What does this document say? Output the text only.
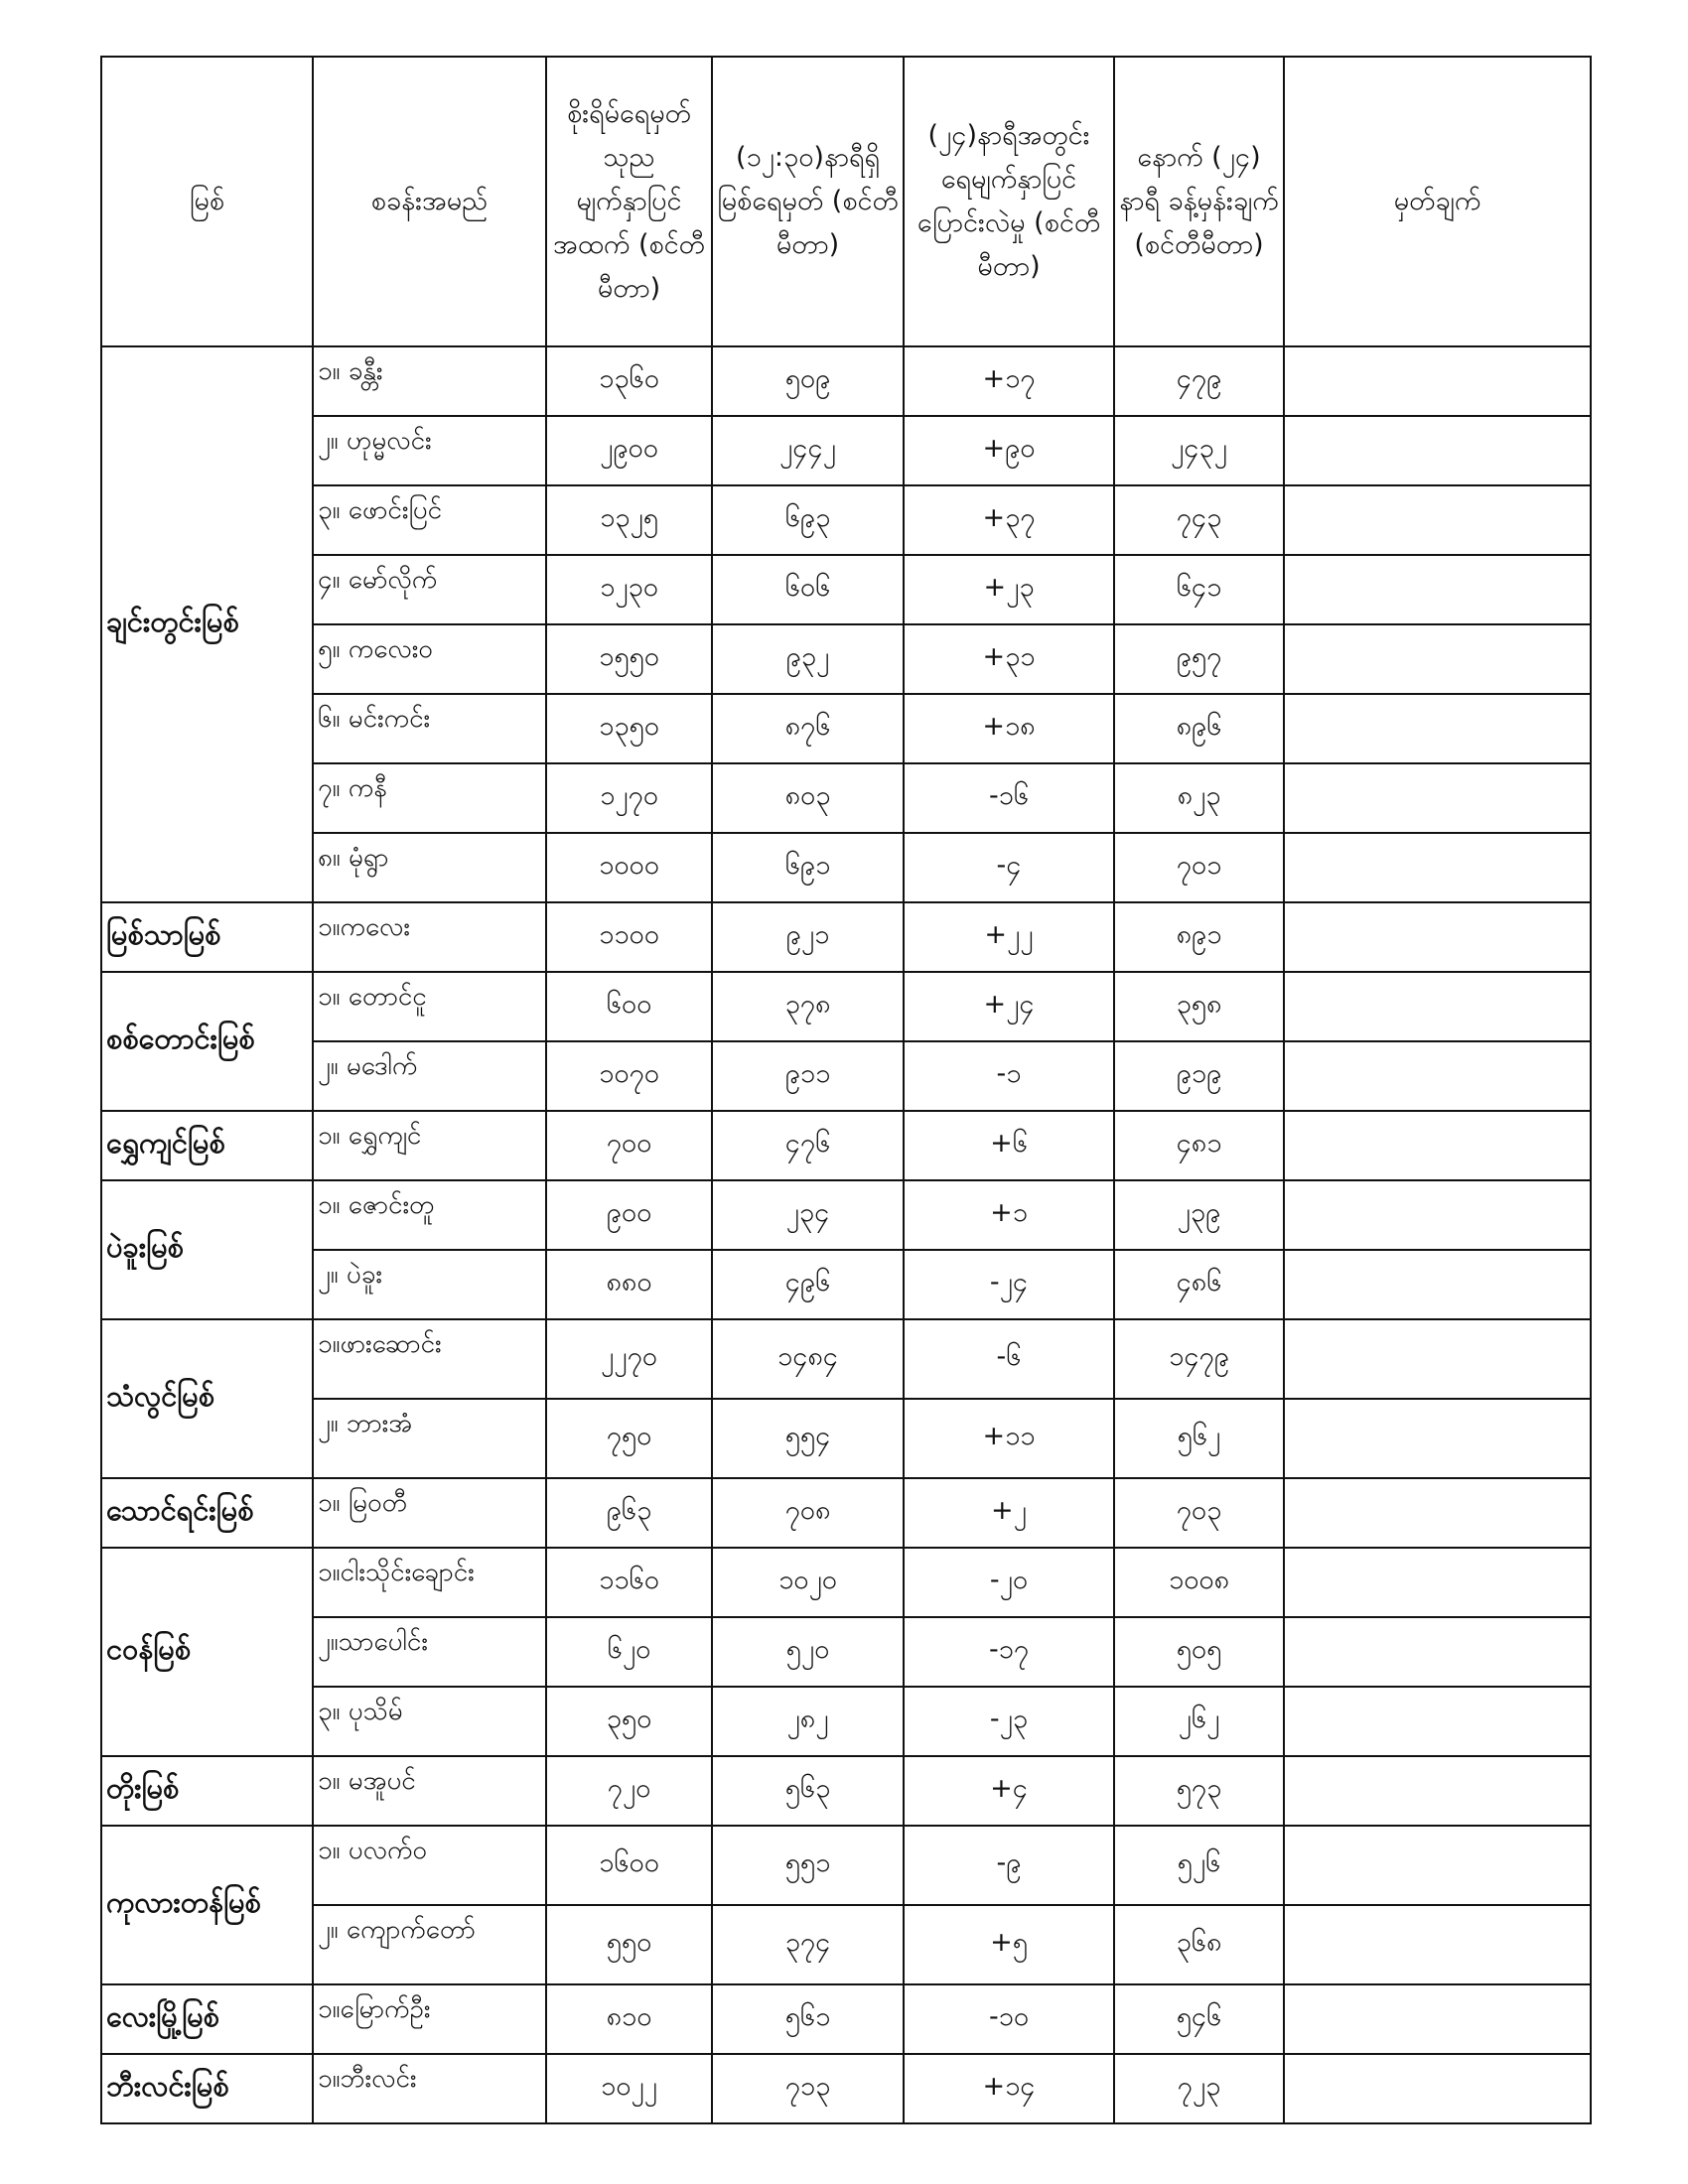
မြစ်	စခန်းအမည်	စိုးရိမ်ရေမှတ် သုည မျက်နှာပြင် အထက် (စင်တီမီတာ)	(၁၂:၃၀)နာရီရှိ မြစ်ရေမှတ် (စင်တီမီတာ)	(၂၄)နာရီအတွင်း ရေမျက်နှာပြင် ပြောင်းလဲမှု (စင်တီမီတာ)	နောက် (၂၄) နာရီ ခန့်မှန်းချက် (စင်တီမီတာ)	မှတ်ချက်
ချင်းတွင်းမြစ်	၁။ ခန္တီး	၁၃၆၀	၅၀၉	+၁၇	၄၇၉	
	၂။ ဟုမ္မလင်း	၂၉၀၀	၂၄၄၂	+၉၀	၂၄၃၂	
	၃။ ဖောင်းပြင်	၁၃၂၅	၆၉၃	+၃၇	၇၄၃	
	၄။ မော်လိုက်	၁၂၃၀	၆၀၆	+၂၃	၆၄၁	
	၅။ ကလေးဝ	၁၅၅၀	၉၃၂	+၃၁	၉၅၇	
	၆။ မင်းကင်း	၁၃၅၀	၈၇၆	+၁၈	၈၉၆	
	၇။ ကနီ	၁၂၇၀	၈၀၃	-၁၆	၈၂၃	
	၈။ မုံရွာ	၁၀၀၀	၆၉၁	-၄	၇၀၁	
မြစ်သာမြစ်	၁။ကလေး	၁၁၀၀	၉၂၁	+၂၂	၈၉၁	
စစ်တောင်းမြစ်	၁။ တောင်ငူ	၆၀၀	၃၇၈	+၂၄	၃၅၈	
	၂။ မဒေါက်	၁၀၇၀	၉၁၁	-၁	၉၁၉	
ရွှေကျင်မြစ်	၁။ ရွှေကျင်	၇၀၀	၄၇၆	+၆	၄၈၁	
ပဲခူးမြစ်	၁။ ဇောင်းတူ	၉၀၀	၂၃၄	+၁	၂၃၉	
	၂။ ပဲခူး	၈၈၀	၄၉၆	-၂၄	၄၈၆	
သံလွင်မြစ်	၁။ဖားဆောင်း	၂၂၇၀	၁၄၈၄	-၆	၁၄၇၉	
	၂။ ဘားအံ	၇၅၀	၅၅၄	+၁၁	၅၆၂	
သောင်ရင်းမြစ်	၁။ မြဝတီ	၉၆၃	၇၀၈	+၂	၇၀၃	
ငဝန်မြစ်	၁။ငါးသိုင်းချောင်း	၁၁၆၀	၁၀၂၀	-၂၀	၁၀၀၈	
	၂။သာပေါင်း	၆၂၀	၅၂၀	-၁၇	၅၀၅	
	၃။ ပုသိမ်	၃၅၀	၂၈၂	-၂၃	၂၆၂	
တိုးမြစ်	၁။ မအူပင်	၇၂၀	၅၆၃	+၄	၅၇၃	
ကုလားတန်မြစ်	၁။ ပလက်ဝ	၁၆၀၀	၅၅၁	-၉	၅၂၆	
	၂။ ကျောက်တော်	၅၅၀	၃၇၄	+၅	၃၆၈	
လေးမြို့မြစ်	၁။မြောက်ဦး	၈၁၀	၅၆၁	-၁၀	၅၄၆	
ဘီးလင်းမြစ်	၁။ဘီးလင်း	၁၀၂၂	၇၁၃	+၁၄	၇၂၃	
